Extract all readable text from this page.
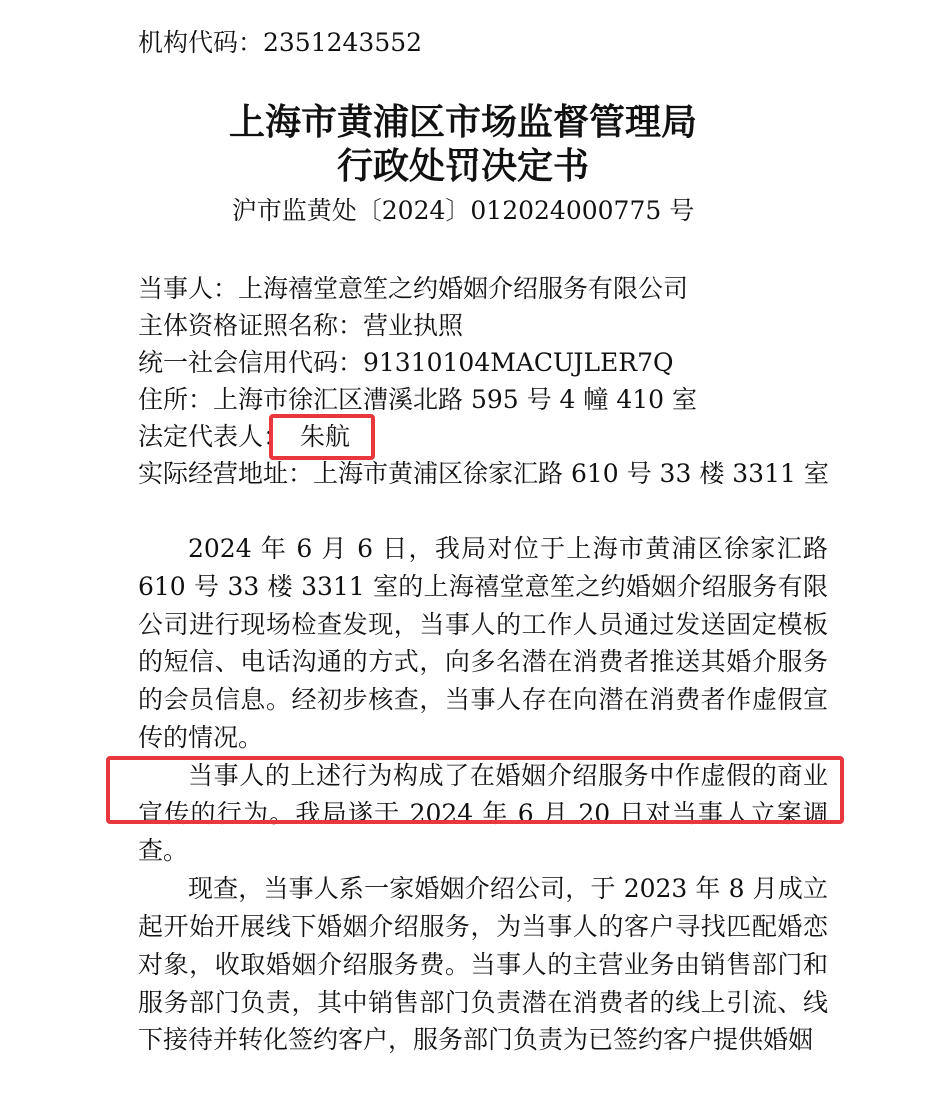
机构代码：2351243552
上海市黄浦区市场监督管理局
行政处罚决定书
沪市监黄处〔2024〕012024000775 号
当事人：上海禧堂意笙之约婚姻介绍服务有限公司
主体资格证照名称：营业执照
统一社会信用代码：91310104MACUJLER7Q
住所：上海市徐汇区漕溪北路 595 号 4 幢 410 室
法定代表人： 朱航
实际经营地址：上海市黄浦区徐家汇路 610 号 33 楼 3311 室

2024 年 6 月 6 日，我局对位于上海市黄浦区徐家汇路 610 号 33 楼 3311 室的上海禧堂意笙之约婚姻介绍服务有限公司进行现场检查发现，当事人的工作人员通过发送固定模板的短信、电话沟通的方式，向多名潜在消费者推送其婚介服务的会员信息。经初步核查，当事人存在向潜在消费者作虚假宣传的情况。

当事人的上述行为构成了在婚姻介绍服务中作虚假的商业宣传的行为。我局遂于 2024 年 6 月 20 日对当事人立案调查。

现查，当事人系一家婚姻介绍公司，于 2023 年 8 月成立起开始开展线下婚姻介绍服务，为当事人的客户寻找匹配婚恋对象，收取婚姻介绍服务费。当事人的主营业务由销售部门和服务部门负责，其中销售部门负责潜在消费者的线上引流、线下接待并转化签约客户，服务部门负责为已签约客户提供婚姻
